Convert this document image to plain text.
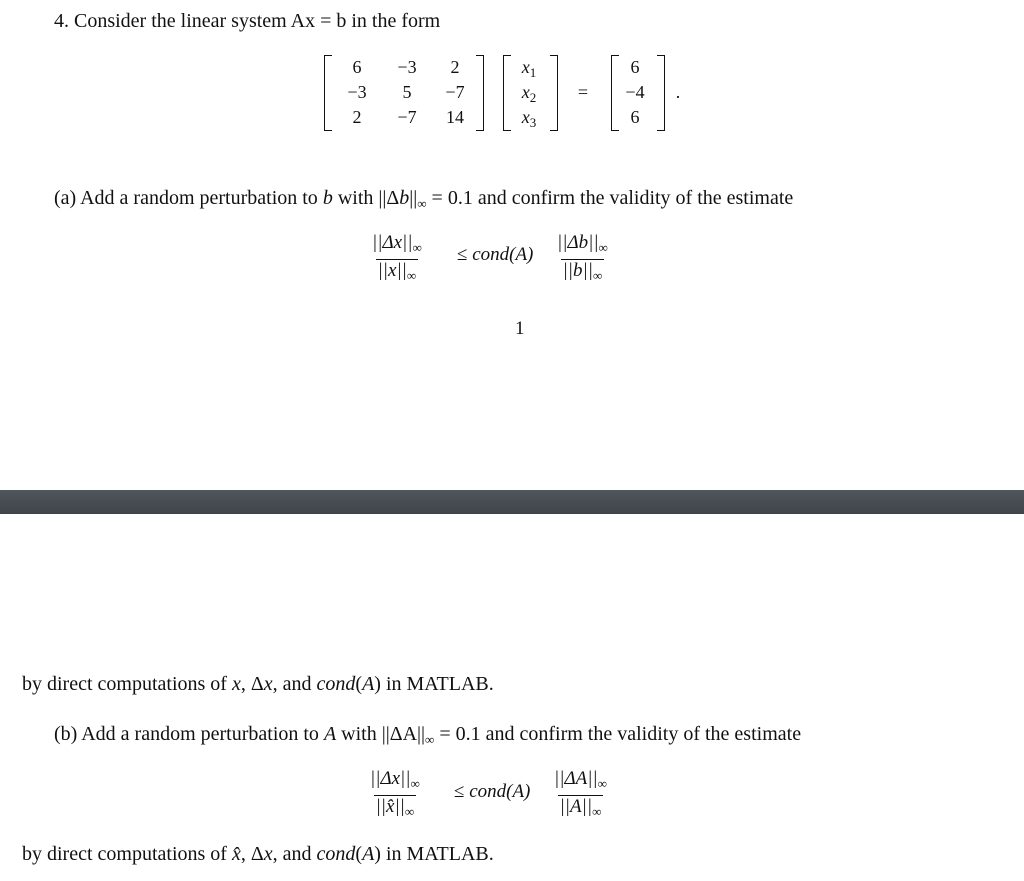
4. Consider the linear system Ax = b in the form
6	−3	2
−3	5	−7
2	−7	14
$x_1$
$x_2$
$x_3$
=
6
−4
6
.
(a) Add a random perturbation to b with $||\Delta b||_\infty = 0.1$ and confirm the validity of the estimate
$\frac{||\Delta x||_\infty}{||x||_\infty}$ ≤ cond(A) $\frac{||\Delta b||_\infty}{||b||_\infty}$
1
by direct computations of x, Δx, and cond(A) in MATLAB.
(b) Add a random perturbation to A with $||\Delta A||_\infty = 0.1$ and confirm the validity of the estimate
$\frac{||\Delta x||_\infty}{||x̂||_\infty}$ ≤ cond(A) $\frac{||\Delta A||_\infty}{||A||_\infty}$
by direct computations of x̂, Δx, and cond(A) in MATLAB.
